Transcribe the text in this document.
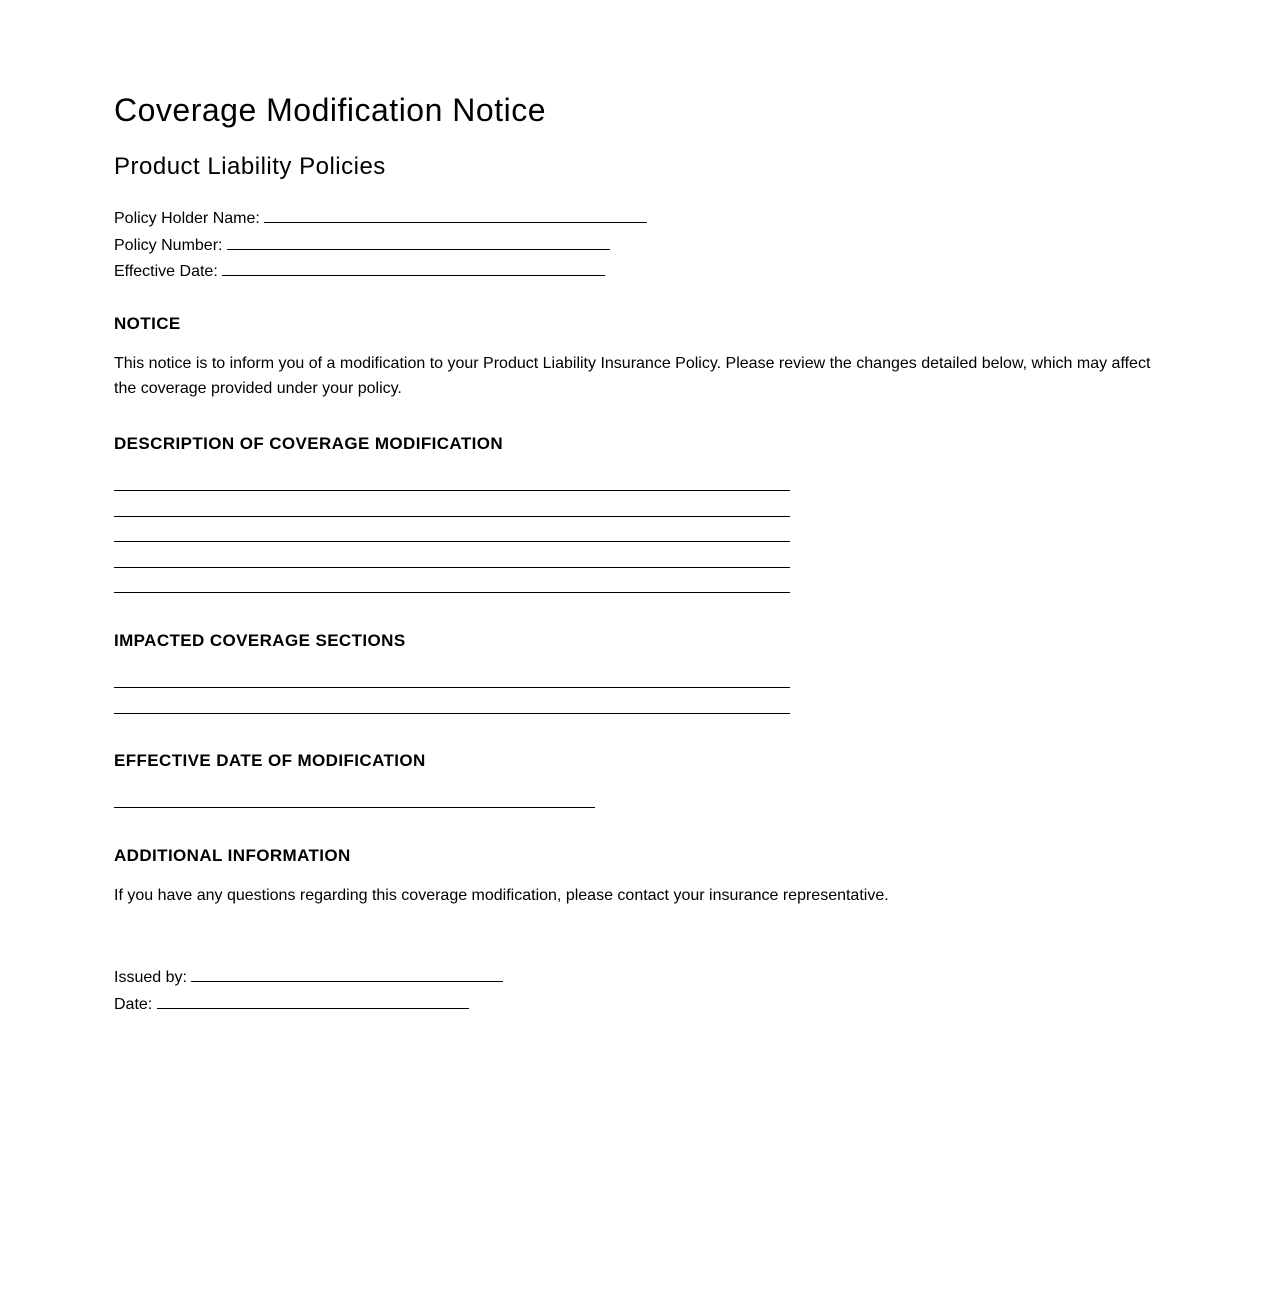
Coverage Modification Notice
Product Liability Policies
Policy Holder Name:
Policy Number:
Effective Date:
NOTICE

This notice is to inform you of a modification to your Product Liability Insurance Policy. Please review the changes detailed below, which may affect the coverage provided under your policy.

DESCRIPTION OF COVERAGE MODIFICATION
IMPACTED COVERAGE SECTIONS
EFFECTIVE DATE OF MODIFICATION
ADDITIONAL INFORMATION

If you have any questions regarding this coverage modification, please contact your insurance representative.

Issued by:
Date:
